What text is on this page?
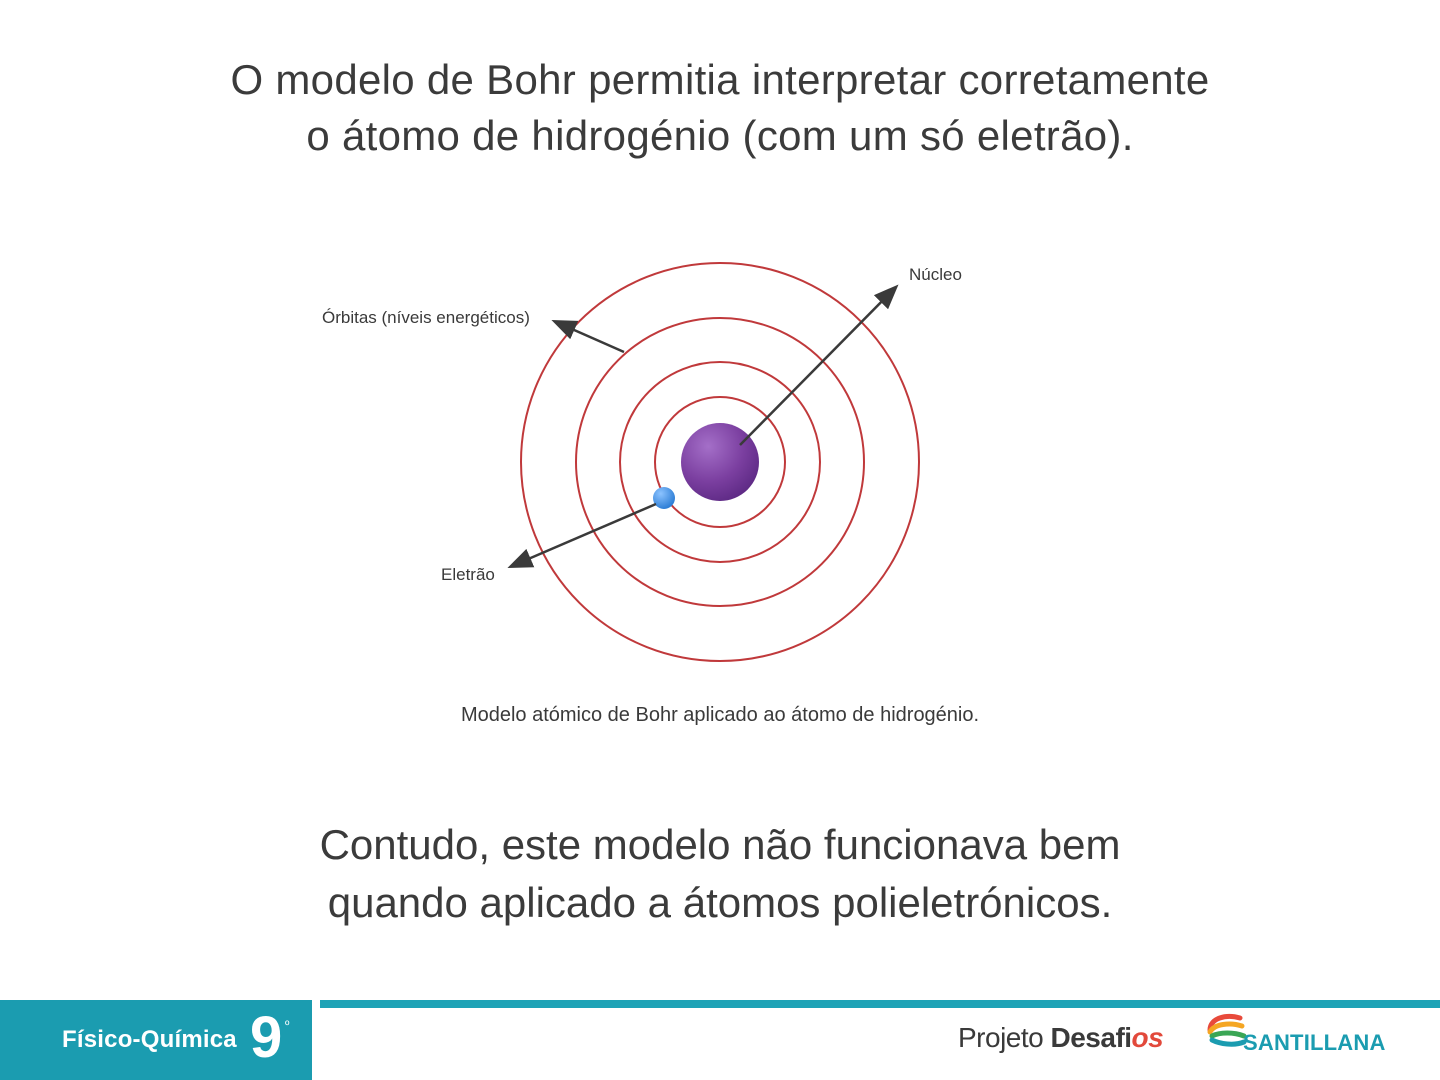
O modelo de Bohr permitia interpretar corretamente
o átomo de hidrogénio (com um só eletrão).
Núcleo
Órbitas (níveis energéticos)
Eletrão
Modelo atómico de Bohr aplicado ao átomo de hidrogénio.
Contudo, este modelo não funcionava bem
quando aplicado a átomos polieletrónicos.
Físico-Química 9 º	Projeto Desafios	SANTILLANA
